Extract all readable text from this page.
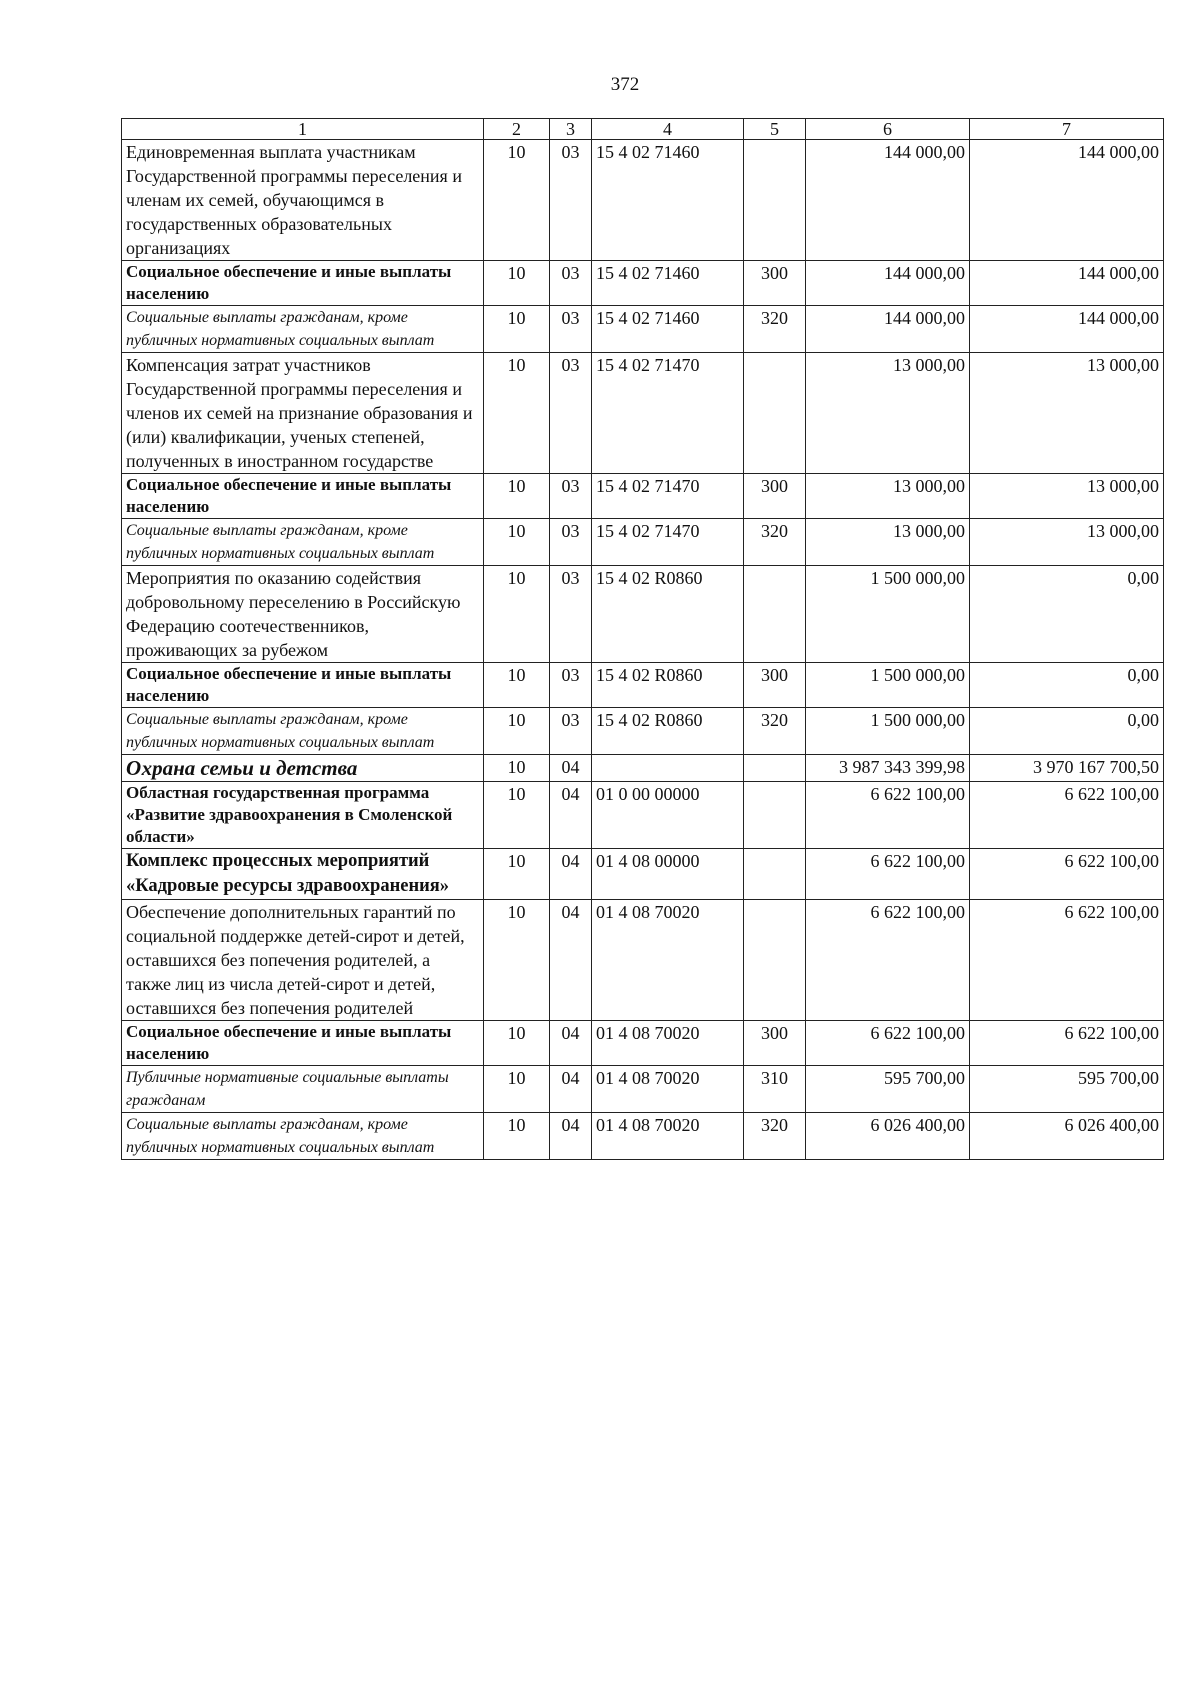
372
1	2	3	4	5	6	7
Единовременная выплата участникам Государственной программы переселения и членам их семей, обучающимся в государственных образовательных организациях	10	03	15 4 02 71460		144 000,00	144 000,00
Социальное обеспечение и иные выплаты населению	10	03	15 4 02 71460	300	144 000,00	144 000,00
Социальные выплаты гражданам, кроме публичных нормативных социальных выплат	10	03	15 4 02 71460	320	144 000,00	144 000,00
Компенсация затрат участников Государственной программы переселения и членов их семей на признание образования и (или) квалификации, ученых степеней, полученных в иностранном государстве	10	03	15 4 02 71470		13 000,00	13 000,00
Социальное обеспечение и иные выплаты населению	10	03	15 4 02 71470	300	13 000,00	13 000,00
Социальные выплаты гражданам, кроме публичных нормативных социальных выплат	10	03	15 4 02 71470	320	13 000,00	13 000,00
Мероприятия по оказанию содействия добровольному переселению в Российскую Федерацию соотечественников, проживающих за рубежом	10	03	15 4 02 R0860		1 500 000,00	0,00
Социальное обеспечение и иные выплаты населению	10	03	15 4 02 R0860	300	1 500 000,00	0,00
Социальные выплаты гражданам, кроме публичных нормативных социальных выплат	10	03	15 4 02 R0860	320	1 500 000,00	0,00
Охрана семьи и детства	10	04			3 987 343 399,98	3 970 167 700,50
Областная государственная программа «Развитие здравоохранения в Смоленской области»	10	04	01 0 00 00000		6 622 100,00	6 622 100,00
Комплекс процессных мероприятий «Кадровые ресурсы здравоохранения»	10	04	01 4 08 00000		6 622 100,00	6 622 100,00
Обеспечение дополнительных гарантий по социальной поддержке детей-сирот и детей, оставшихся без попечения родителей, а также лиц из числа детей-сирот и детей, оставшихся без попечения родителей	10	04	01 4 08 70020		6 622 100,00	6 622 100,00
Социальное обеспечение и иные выплаты населению	10	04	01 4 08 70020	300	6 622 100,00	6 622 100,00
Публичные нормативные социальные выплаты гражданам	10	04	01 4 08 70020	310	595 700,00	595 700,00
Социальные выплаты гражданам, кроме публичных нормативных социальных выплат	10	04	01 4 08 70020	320	6 026 400,00	6 026 400,00
